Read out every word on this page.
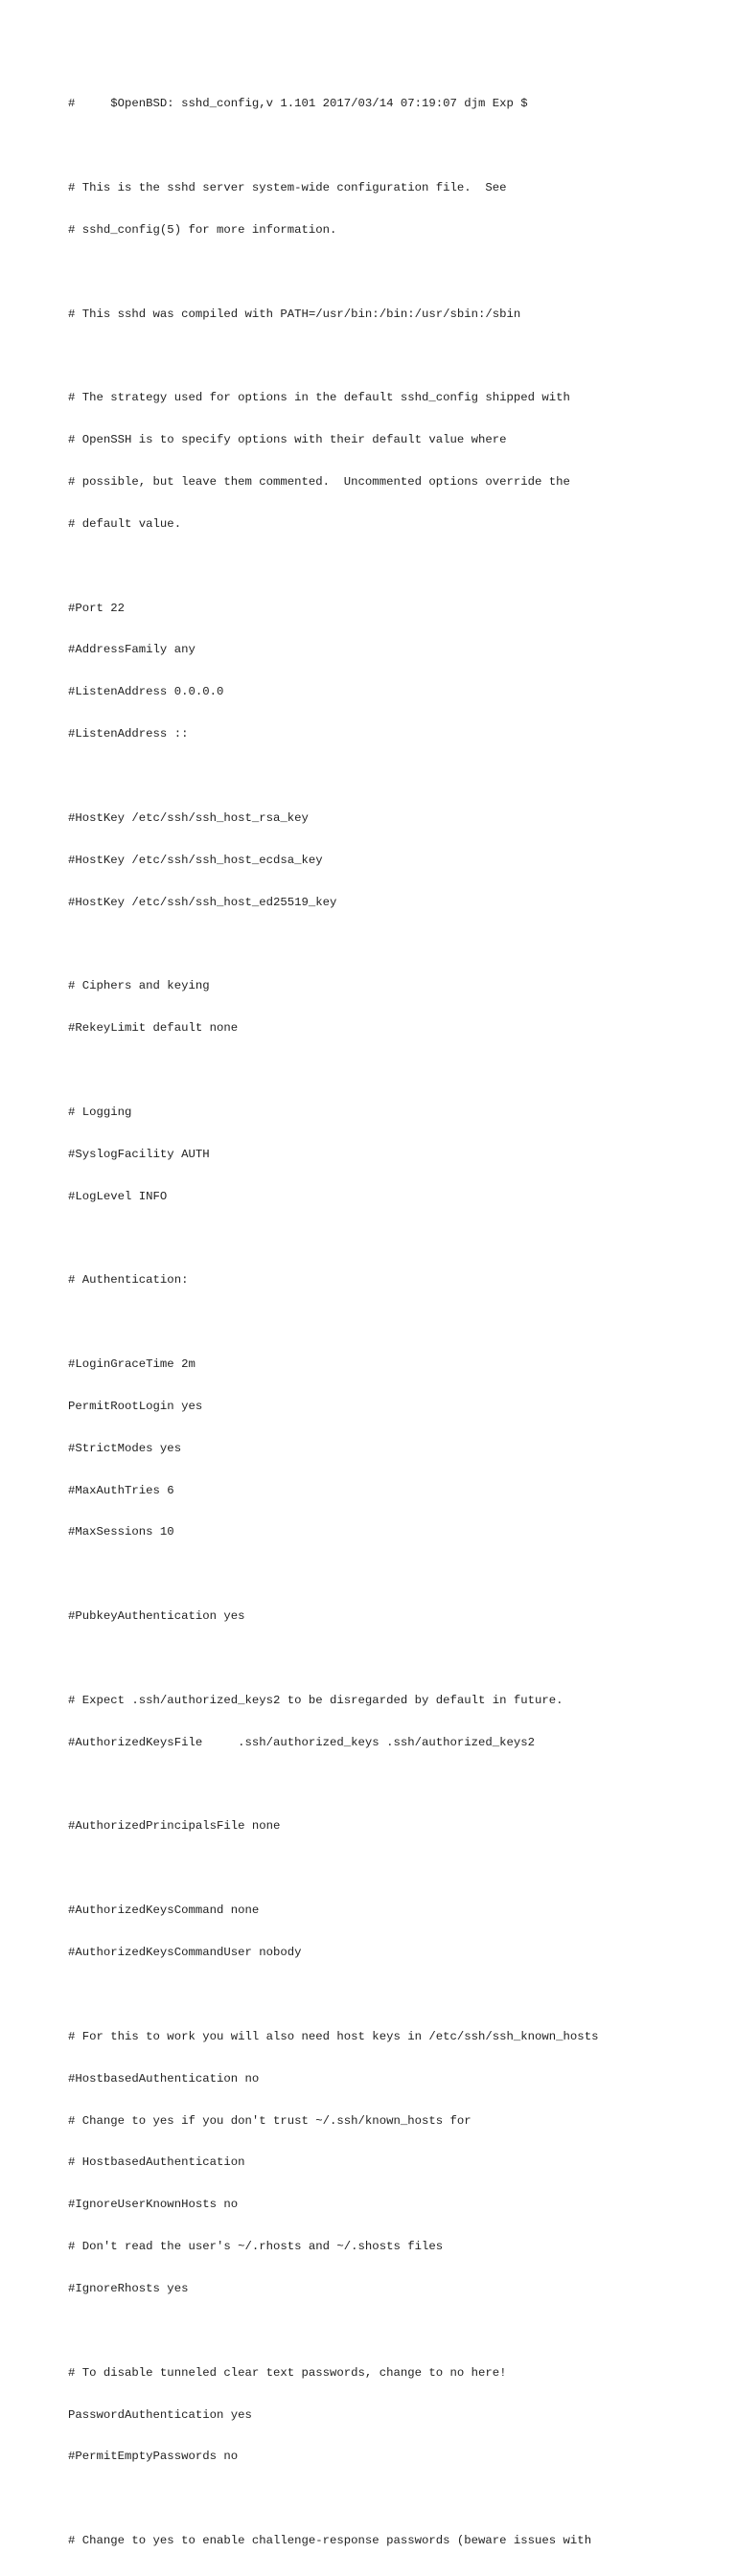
#     $OpenBSD: sshd_config,v 1.101 2017/03/14 07:19:07 djm Exp $

# This is the sshd server system-wide configuration file.  See

# sshd_config(5) for more information.

# This sshd was compiled with PATH=/usr/bin:/bin:/usr/sbin:/sbin

# The strategy used for options in the default sshd_config shipped with

# OpenSSH is to specify options with their default value where

# possible, but leave them commented.  Uncommented options override the

# default value.

#Port 22

#AddressFamily any

#ListenAddress 0.0.0.0

#ListenAddress ::

#HostKey /etc/ssh/ssh_host_rsa_key

#HostKey /etc/ssh/ssh_host_ecdsa_key

#HostKey /etc/ssh/ssh_host_ed25519_key

# Ciphers and keying

#RekeyLimit default none

# Logging

#SyslogFacility AUTH

#LogLevel INFO

# Authentication:

#LoginGraceTime 2m

PermitRootLogin yes

#StrictModes yes

#MaxAuthTries 6

#MaxSessions 10

#PubkeyAuthentication yes

# Expect .ssh/authorized_keys2 to be disregarded by default in future.

#AuthorizedKeysFile     .ssh/authorized_keys .ssh/authorized_keys2

#AuthorizedPrincipalsFile none

#AuthorizedKeysCommand none

#AuthorizedKeysCommandUser nobody

# For this to work you will also need host keys in /etc/ssh/ssh_known_hosts

#HostbasedAuthentication no

# Change to yes if you don't trust ~/.ssh/known_hosts for

# HostbasedAuthentication

#IgnoreUserKnownHosts no

# Don't read the user's ~/.rhosts and ~/.shosts files

#IgnoreRhosts yes

# To disable tunneled clear text passwords, change to no here!

PasswordAuthentication yes

#PermitEmptyPasswords no

# Change to yes to enable challenge-response passwords (beware issues with
